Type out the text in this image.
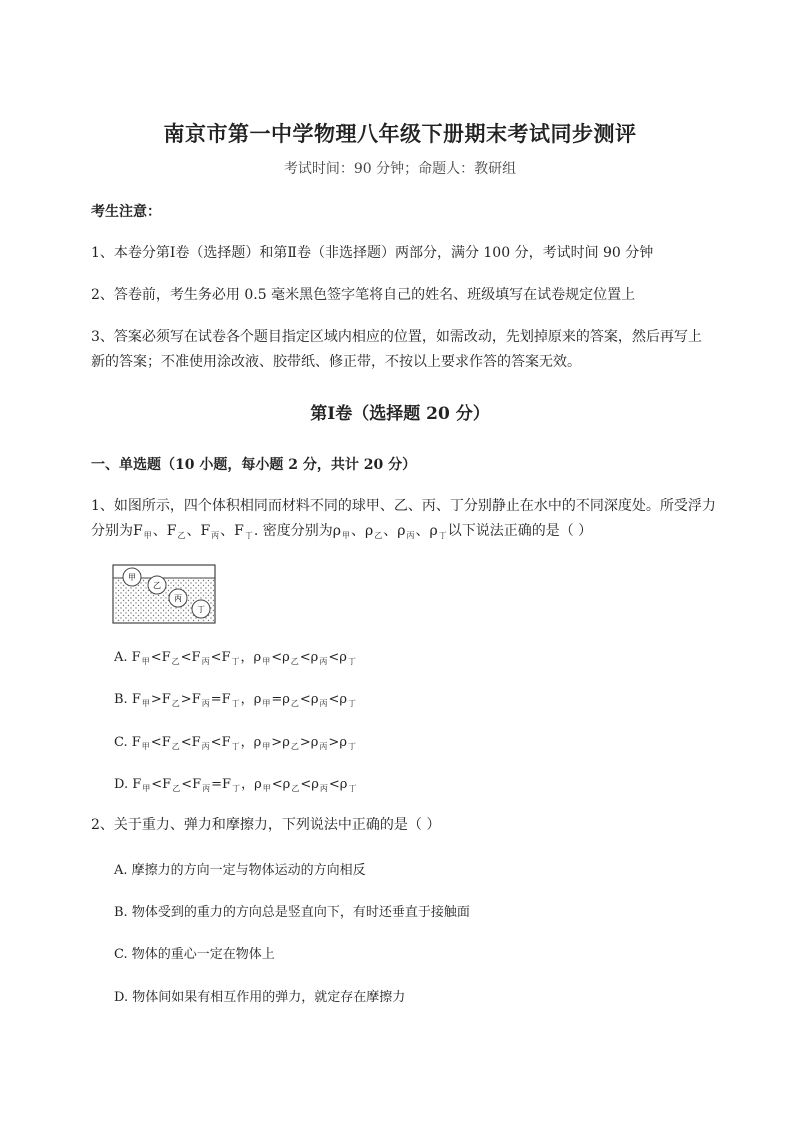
南京市第一中学物理八年级下册期末考试同步测评
考试时间：90 分钟；命题人：教研组
考生注意：
1、本卷分第Ⅰ卷（选择题）和第Ⅱ卷（非选择题）两部分，满分 100 分，考试时间 90 分钟
2、答卷前，考生务必用 0.5 毫米黑色签字笔将自己的姓名、班级填写在试卷规定位置上
3、答案必须写在试卷各个题目指定区域内相应的位置，如需改动，先划掉原来的答案，然后再写上新的答案；不准使用涂改液、胶带纸、修正带，不按以上要求作答的答案无效。
第Ⅰ卷（选择题 20 分）
一、单选题（10 小题，每小题 2 分，共计 20 分）
1、如图所示，四个体积相同而材料不同的球甲、乙、丙、丁分别静止在水中的不同深度处。所受浮力分别为$F_甲$、$F_乙$、$F_丙$、$F_丁$. 密度分别为$\rho_甲$、$\rho_乙$、$\rho_丙$、$\rho_丁$以下说法正确的是（ ）
甲
乙
丙
丁
A. $F_甲<F_乙<F_丙<F_丁$，$\rho_甲<\rho_乙<\rho_丙<\rho_丁$
B. $F_甲>F_乙>F_丙=F_丁$，$\rho_甲=\rho_乙<\rho_丙<\rho_丁$
C. $F_甲<F_乙<F_丙<F_丁$，$\rho_甲>\rho_乙>\rho_丙>\rho_丁$
D. $F_甲<F_乙<F_丙=F_丁$，$\rho_甲<\rho_乙<\rho_丙<\rho_丁$
2、关于重力、弹力和摩擦力，下列说法中正确的是（ ）
A. 摩擦力的方向一定与物体运动的方向相反
B. 物体受到的重力的方向总是竖直向下，有时还垂直于接触面
C. 物体的重心一定在物体上
D. 物体间如果有相互作用的弹力，就定存在摩擦力
